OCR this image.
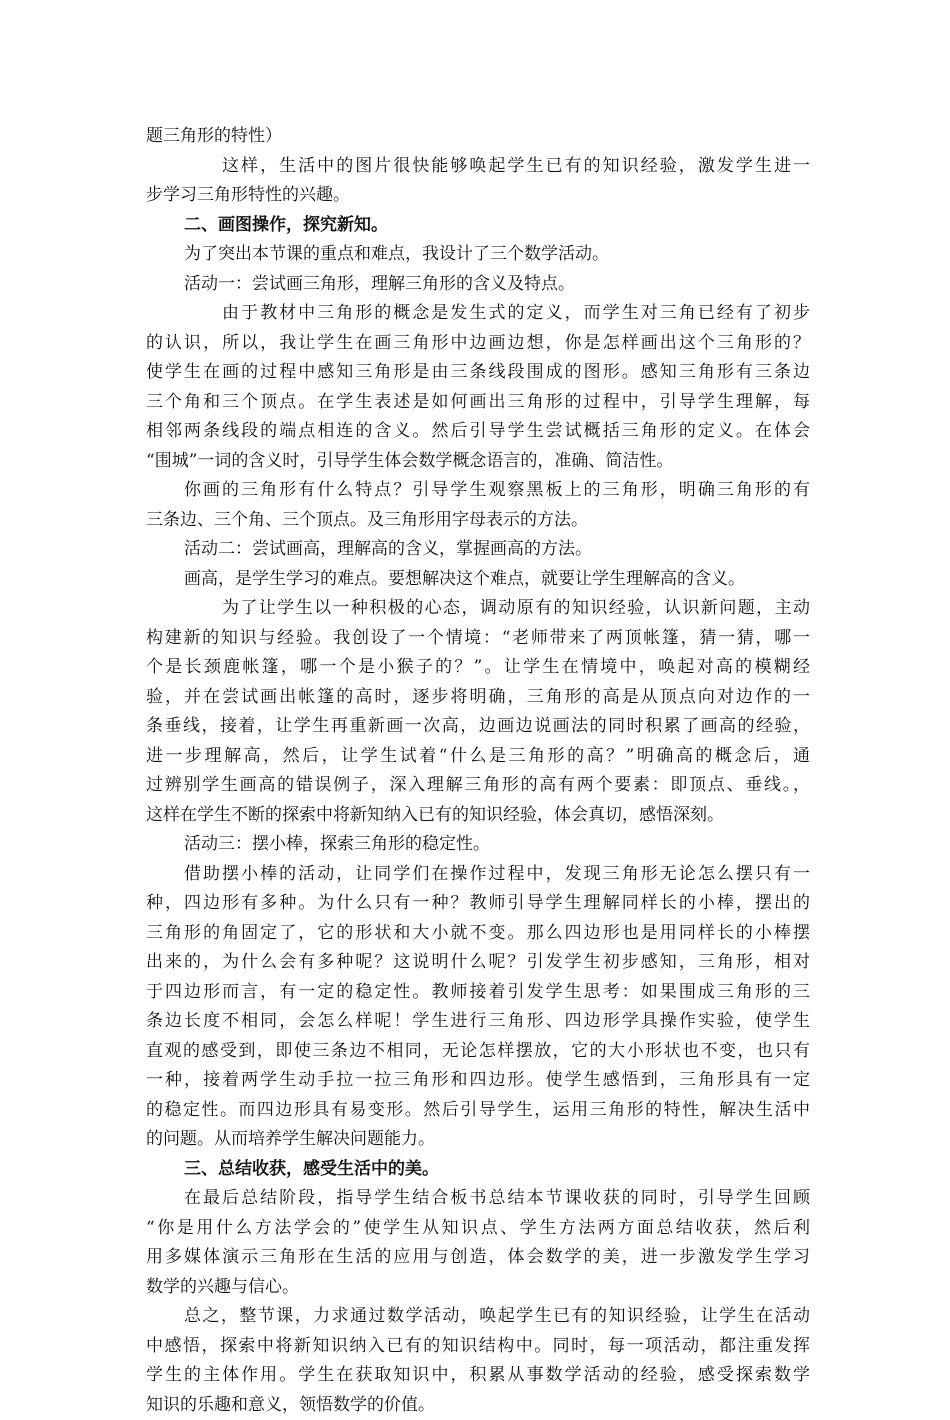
题三角形的特性）
这样，生活中的图片很快能够唤起学生已有的知识经验，激发学生进一
步学习三角形特性的兴趣。
二、画图操作，探究新知。
为了突出本节课的重点和难点，我设计了三个数学活动。
活动一：尝试画三角形，理解三角形的含义及特点。
由于教材中三角形的概念是发生式的定义，而学生对三角已经有了初步
的认识，所以，我让学生在画三角形中边画边想，你是怎样画出这个三角形的？
使学生在画的过程中感知三角形是由三条线段围成的图形。感知三角形有三条边
三个角和三个顶点。在学生表述是如何画出三角形的过程中，引导学生理解，每
相邻两条线段的端点相连的含义。然后引导学生尝试概括三角形的定义。在体会
“围城”一词的含义时，引导学生体会数学概念语言的，准确、简洁性。
你画的三角形有什么特点？引导学生观察黑板上的三角形，明确三角形的有
三条边、三个角、三个顶点。及三角形用字母表示的方法。
活动二：尝试画高，理解高的含义，掌握画高的方法。
画高，是学生学习的难点。要想解决这个难点，就要让学生理解高的含义。
为了让学生以一种积极的心态，调动原有的知识经验，认识新问题，主动
构建新的知识与经验。我创设了一个情境：“老师带来了两顶帐篷，猜一猜，哪一
个是长颈鹿帐篷，哪一个是小猴子的？”。让学生在情境中，唤起对高的模糊经
验，并在尝试画出帐篷的高时，逐步将明确，三角形的高是从顶点向对边作的一
条垂线，接着，让学生再重新画一次高，边画边说画法的同时积累了画高的经验，
进一步理解高，然后，让学生试着“什么是三角形的高？”明确高的概念后，通
过辨别学生画高的错误例子，深入理解三角形的高有两个要素：即顶点、垂线。，
这样在学生不断的探索中将新知纳入已有的知识经验，体会真切，感悟深刻。
活动三：摆小棒，探索三角形的稳定性。
借助摆小棒的活动，让同学们在操作过程中，发现三角形无论怎么摆只有一
种，四边形有多种。为什么只有一种？教师引导学生理解同样长的小棒，摆出的
三角形的角固定了，它的形状和大小就不变。那么四边形也是用同样长的小棒摆
出来的，为什么会有多种呢？这说明什么呢？引发学生初步感知，三角形，相对
于四边形而言，有一定的稳定性。教师接着引发学生思考：如果围成三角形的三
条边长度不相同，会怎么样呢！学生进行三角形、四边形学具操作实验，使学生
直观的感受到，即使三条边不相同，无论怎样摆放，它的大小形状也不变，也只有
一种，接着两学生动手拉一拉三角形和四边形。使学生感悟到，三角形具有一定
的稳定性。而四边形具有易变形。然后引导学生，运用三角形的特性，解决生活中
的问题。从而培养学生解决问题能力。
三、总结收获，感受生活中的美。
在最后总结阶段，指导学生结合板书总结本节课收获的同时，引导学生回顾
“你是用什么方法学会的”使学生从知识点、学生方法两方面总结收获，然后利
用多媒体演示三角形在生活的应用与创造，体会数学的美，进一步激发学生学习
数学的兴趣与信心。
总之，整节课，力求通过数学活动，唤起学生已有的知识经验，让学生在活动
中感悟，探索中将新知识纳入已有的知识结构中。同时，每一项活动，都注重发挥
学生的主体作用。学生在获取知识中，积累从事数学活动的经验，感受探索数学
知识的乐趣和意义，领悟数学的价值。
